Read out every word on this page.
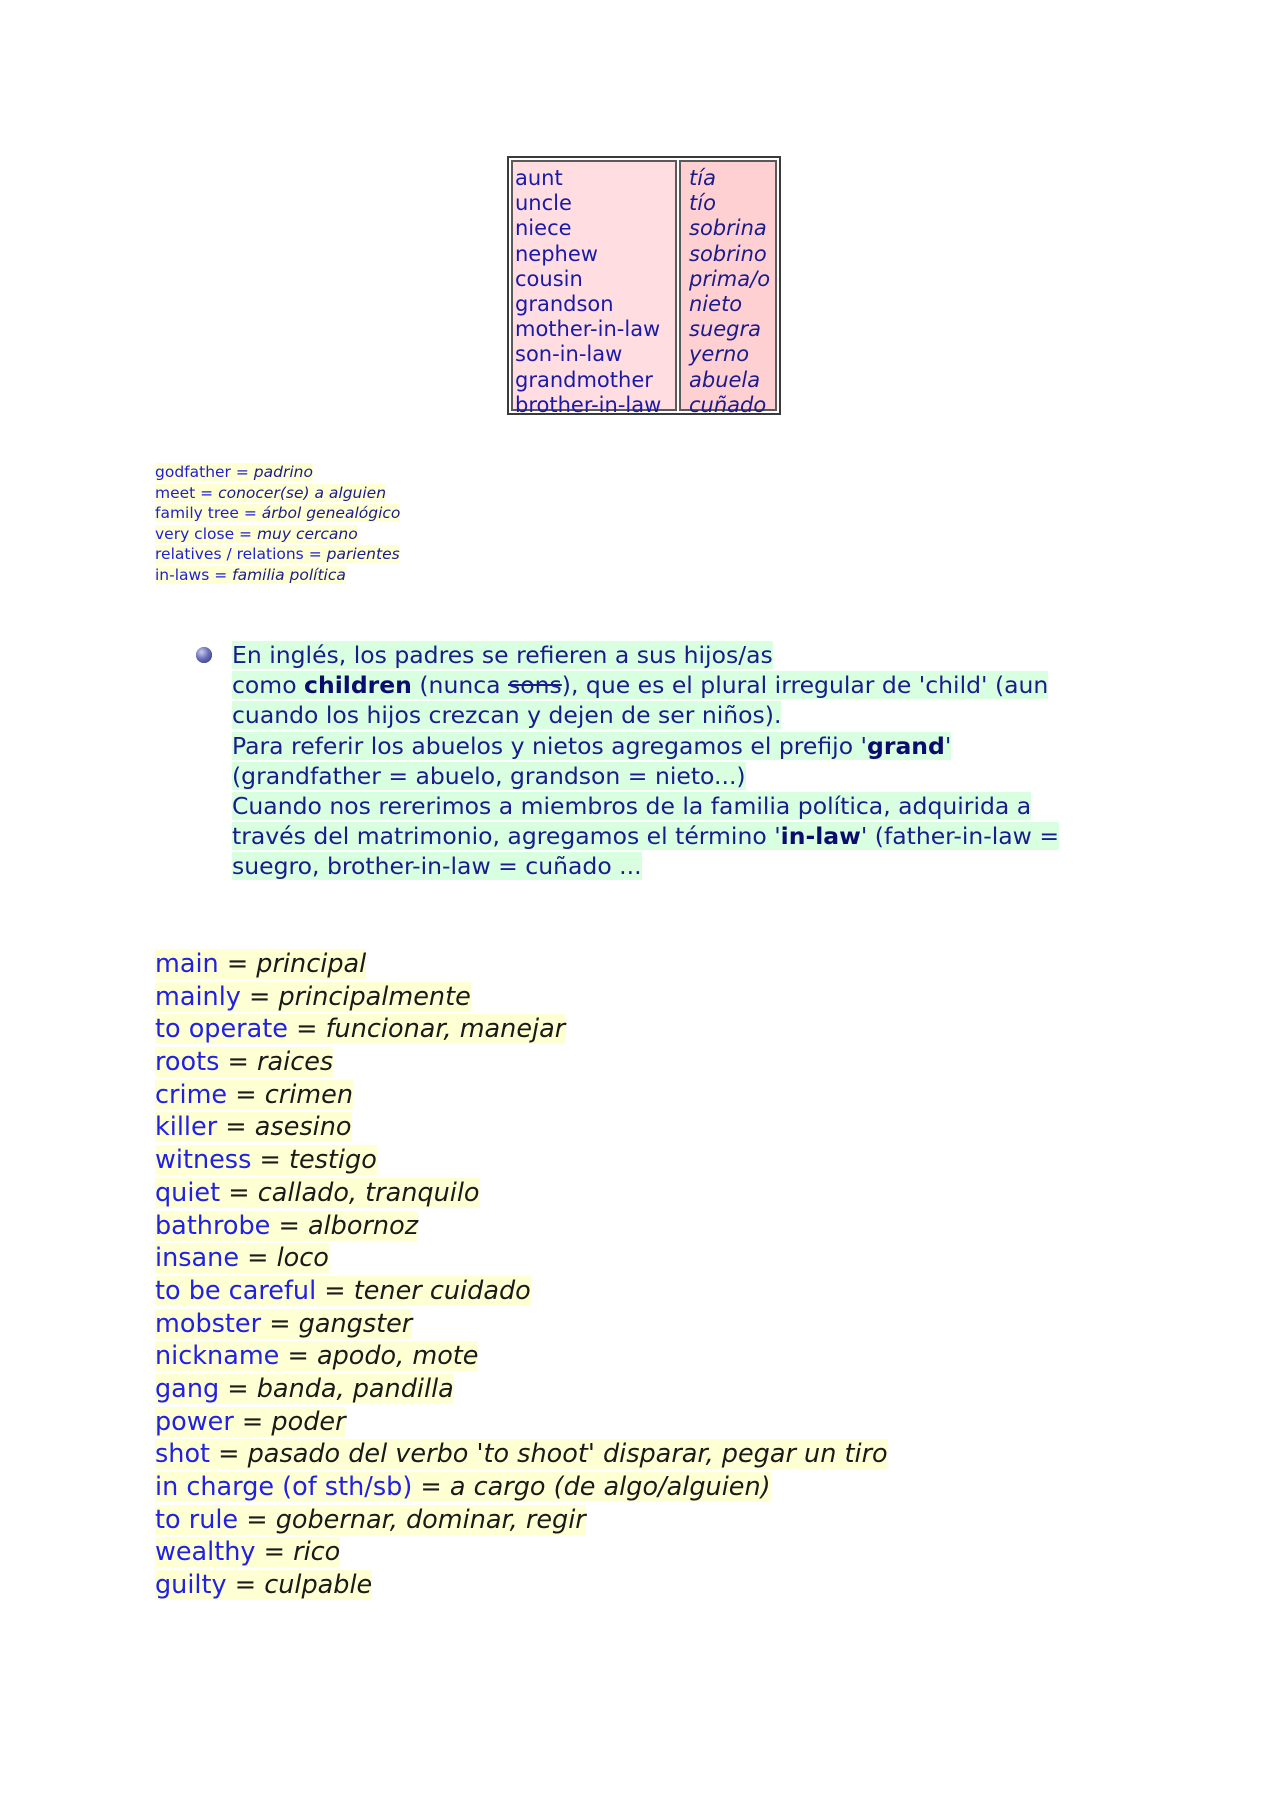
aunt
uncle
niece
nephew
cousin
grandson
mother-in-law
son-in-law
grandmother
brother-in-law
tía
tío
sobrina
sobrino
prima/o
nieto
suegra
yerno
abuela
cuñado
godfather = padrino
meet = conocer(se) a alguien
family tree = árbol genealógico
very close = muy cercano
relatives / relations = parientes
in-laws = familia política
En inglés, los padres se refieren a sus hijos/as
como children (nunca sons), que es el plural irregular de 'child' (aun cuando los hijos crezcan y dejen de ser niños).

Para referir los abuelos y nietos agregamos el prefijo 'grand' (grandfather = abuelo, grandson = nieto...)

Cuando nos rererimos a miembros de la familia política, adquirida a través del matrimonio, agregamos el término 'in-law' (father-in-law = suegro, brother-in-law = cuñado ...
main = principal
mainly = principalmente
to operate = funcionar, manejar
roots = raices
crime = crimen
killer = asesino
witness = testigo
quiet = callado, tranquilo
bathrobe = albornoz
insane = loco
to be careful = tener cuidado
mobster = gangster
nickname = apodo, mote
gang = banda, pandilla
power = poder
shot = pasado del verbo 'to shoot' disparar, pegar un tiro
in charge (of sth/sb) = a cargo (de algo/alguien)
to rule = gobernar, dominar, regir
wealthy = rico
guilty = culpable
